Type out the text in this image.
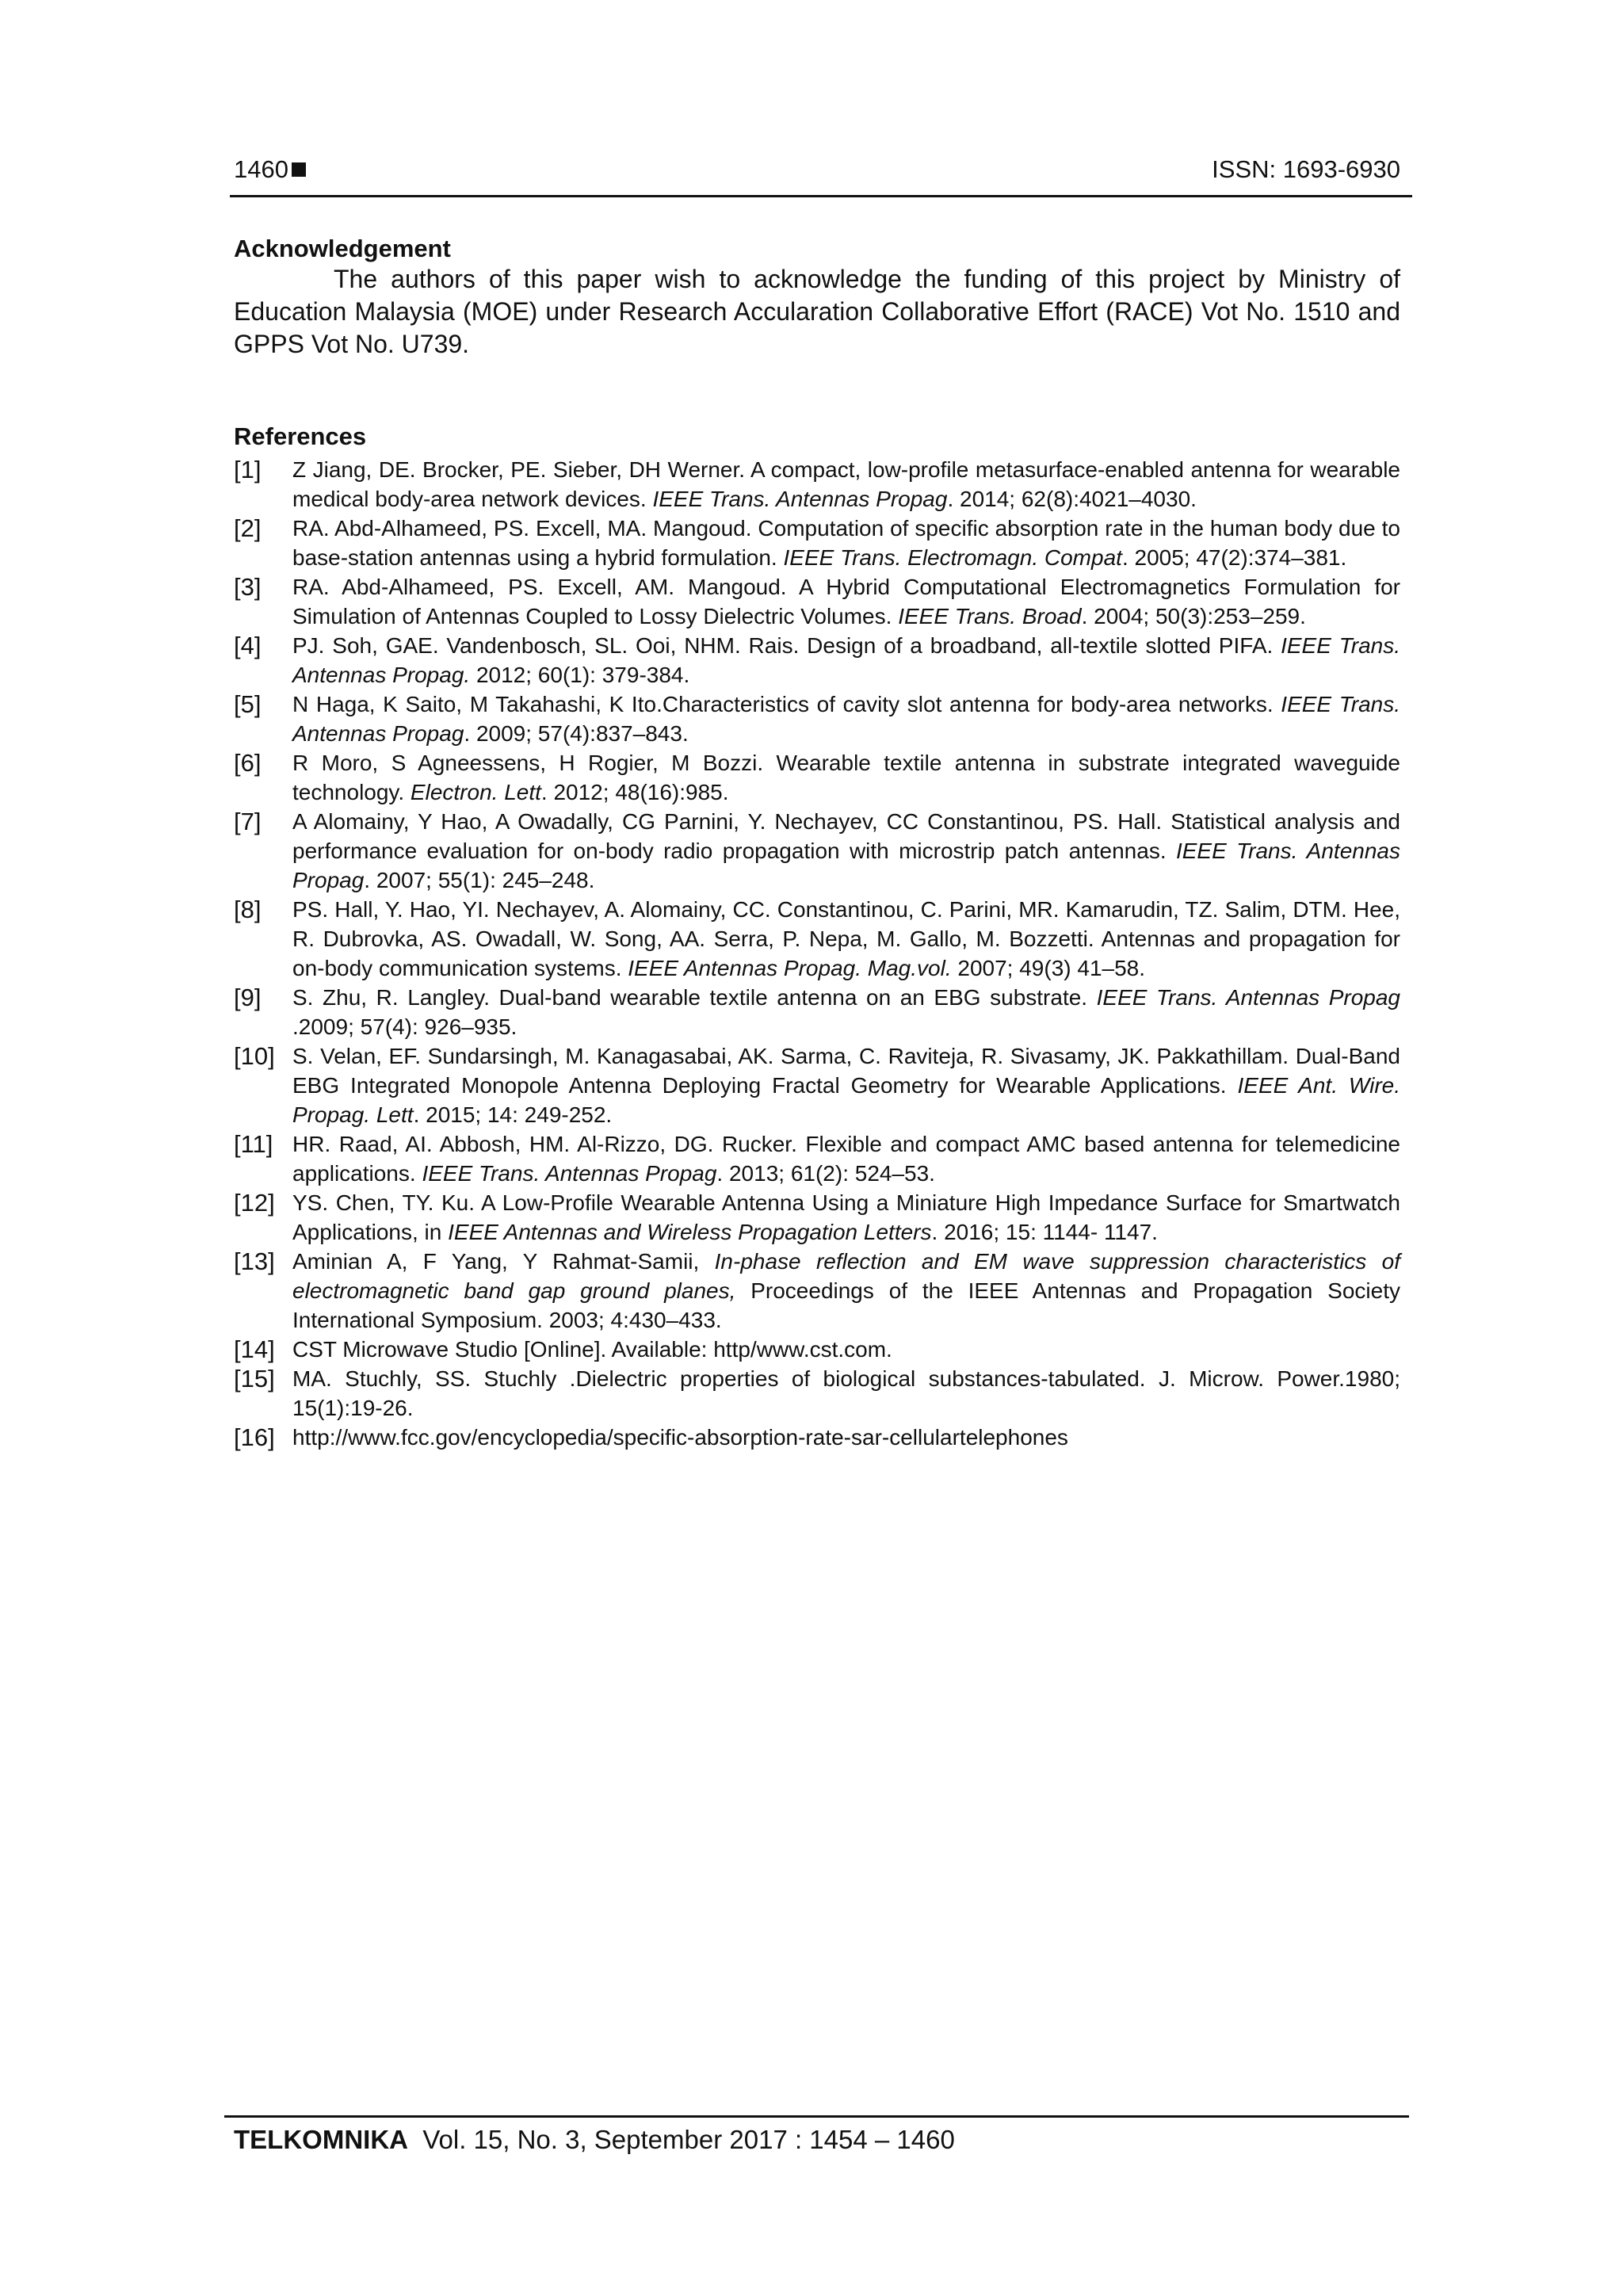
1460	ISSN: 1693-6930
Acknowledgement

The authors of this paper wish to acknowledge the funding of this project by Ministry of Education Malaysia (MOE) under Research Accularation Collaborative Effort (RACE) Vot No. 1510 and GPPS Vot No. U739.

References
[1] Z Jiang, DE. Brocker, PE. Sieber, DH Werner. A compact, low-profile metasurface-enabled antenna for wearable medical body-area network devices. IEEE Trans. Antennas Propag. 2014; 62(8):4021–4030.
[2] RA. Abd-Alhameed, PS. Excell, MA. Mangoud. Computation of specific absorption rate in the human body due to base-station antennas using a hybrid formulation. IEEE Trans. Electromagn. Compat. 2005; 47(2):374–381.
[3] RA. Abd-Alhameed, PS. Excell, AM. Mangoud. A Hybrid Computational Electromagnetics Formulation for Simulation of Antennas Coupled to Lossy Dielectric Volumes. IEEE Trans. Broad. 2004; 50(3):253–259.
[4] PJ. Soh, GAE. Vandenbosch, SL. Ooi, NHM. Rais. Design of a broadband, all-textile slotted PIFA. IEEE Trans. Antennas Propag. 2012; 60(1): 379-384.
[5] N Haga, K Saito, M Takahashi, K Ito.Characteristics of cavity slot antenna for body-area networks. IEEE Trans. Antennas Propag. 2009; 57(4):837–843.
[6] R Moro, S Agneessens, H Rogier, M Bozzi. Wearable textile antenna in substrate integrated waveguide technology. Electron. Lett. 2012; 48(16):985.
[7] A Alomainy, Y Hao, A Owadally, CG Parnini, Y. Nechayev, CC Constantinou, PS. Hall. Statistical analysis and performance evaluation for on-body radio propagation with microstrip patch antennas. IEEE Trans. Antennas Propag. 2007; 55(1): 245–248.
[8] PS. Hall, Y. Hao, YI. Nechayev, A. Alomainy, CC. Constantinou, C. Parini, MR. Kamarudin, TZ. Salim, DTM. Hee, R. Dubrovka, AS. Owadall, W. Song, AA. Serra, P. Nepa, M. Gallo, M. Bozzetti. Antennas and propagation for on-body communication systems. IEEE Antennas Propag. Mag.vol. 2007; 49(3) 41–58.
[9] S. Zhu, R. Langley. Dual-band wearable textile antenna on an EBG substrate. IEEE Trans. Antennas Propag .2009; 57(4): 926–935.
[10] S. Velan, EF. Sundarsingh, M. Kanagasabai, AK. Sarma, C. Raviteja, R. Sivasamy, JK. Pakkathillam. Dual-Band EBG Integrated Monopole Antenna Deploying Fractal Geometry for Wearable Applications. IEEE Ant. Wire. Propag. Lett. 2015; 14: 249-252.
[11] HR. Raad, AI. Abbosh, HM. Al-Rizzo, DG. Rucker. Flexible and compact AMC based antenna for telemedicine applications. IEEE Trans. Antennas Propag. 2013; 61(2): 524–53.
[12] YS. Chen, TY. Ku. A Low-Profile Wearable Antenna Using a Miniature High Impedance Surface for Smartwatch Applications, in IEEE Antennas and Wireless Propagation Letters. 2016; 15: 1144- 1147.
[13] Aminian A, F Yang, Y Rahmat-Samii, In-phase reflection and EM wave suppression characteristics of electromagnetic band gap ground planes, Proceedings of the IEEE Antennas and Propagation Society International Symposium. 2003; 4:430–433.
[14] CST Microwave Studio [Online]. Available: http/www.cst.com.
[15] MA. Stuchly, SS. Stuchly .Dielectric properties of biological substances-tabulated. J. Microw. Power.1980; 15(1):19-26.
[16] http://www.fcc.gov/encyclopedia/specific-absorption-rate-sar-cellulartelephones
TELKOMNIKA Vol. 15, No. 3, September 2017 : 1454 – 1460
